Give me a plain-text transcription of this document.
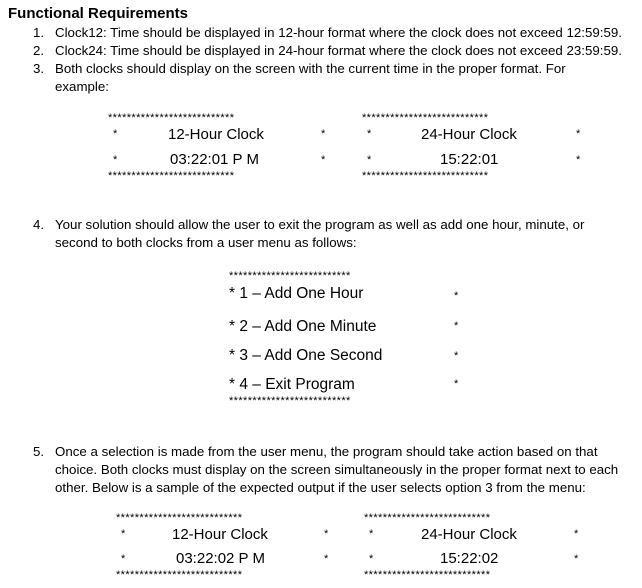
Functional Requirements
1. Clock12: Time should be displayed in 12-hour format where the clock does not exceed 12:59:59.
2. Clock24: Time should be displayed in 24-hour format where the clock does not exceed 23:59:59.
3. Both clocks should display on the screen with the current time in the proper format. For
example:
***************************
*	12-Hour Clock	*
*	03:22:01 P M	*
***************************
***************************
*	24-Hour Clock	*
*	15:22:01	*
***************************
4. Your solution should allow the user to exit the program as well as add one hour, minute, or
second to both clocks from a user menu as follows:
**************************
* 1 – Add One Hour	*
* 2 – Add One Minute	*
* 3 – Add One Second	*
* 4 – Exit Program	*
**************************
5. Once a selection is made from the user menu, the program should take action based on that
choice. Both clocks must display on the screen simultaneously in the proper format next to each
other. Below is a sample of the expected output if the user selects option 3 from the menu:
***************************
*	12-Hour Clock	*
*	03:22:02 P M	*
***************************
***************************
*	24-Hour Clock	*
*	15:22:02	*
***************************
